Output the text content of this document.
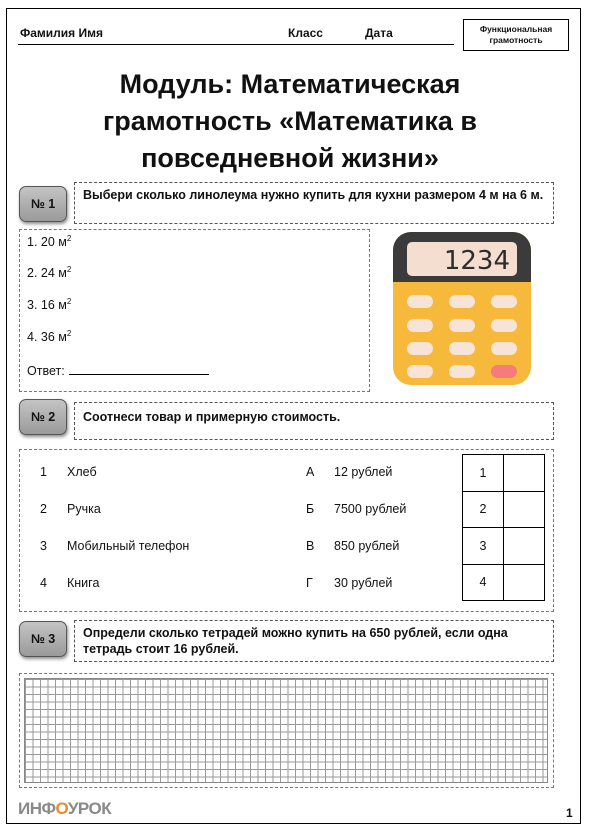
Фамилия Имя	Класс	Дата	Функциональная
грамотность
Модуль: Математическая
грамотность «Математика в
повседневной жизни»
№ 1
Выбери сколько линолеума нужно купить для кухни размером 4 м на 6 м.
1. 20 $м^2$
2. 24 $м^2$
3. 16 $м^2$
4. 36 $м^2$
Ответ:
1234
№ 2	Соотнеси товар и примерную стоимость.
1 Хлеб	А 12 рублей
2 Ручка	Б 7500 рублей
3 Мобильный телефон	В 850 рублей
4 Книга	Г 30 рублей
1	
2	
3	
4	
№ 3	Определи сколько тетрадей можно купить на 650 рублей, если одна тетрадь стоит 16 рублей.
ИНФОУРОК	1
